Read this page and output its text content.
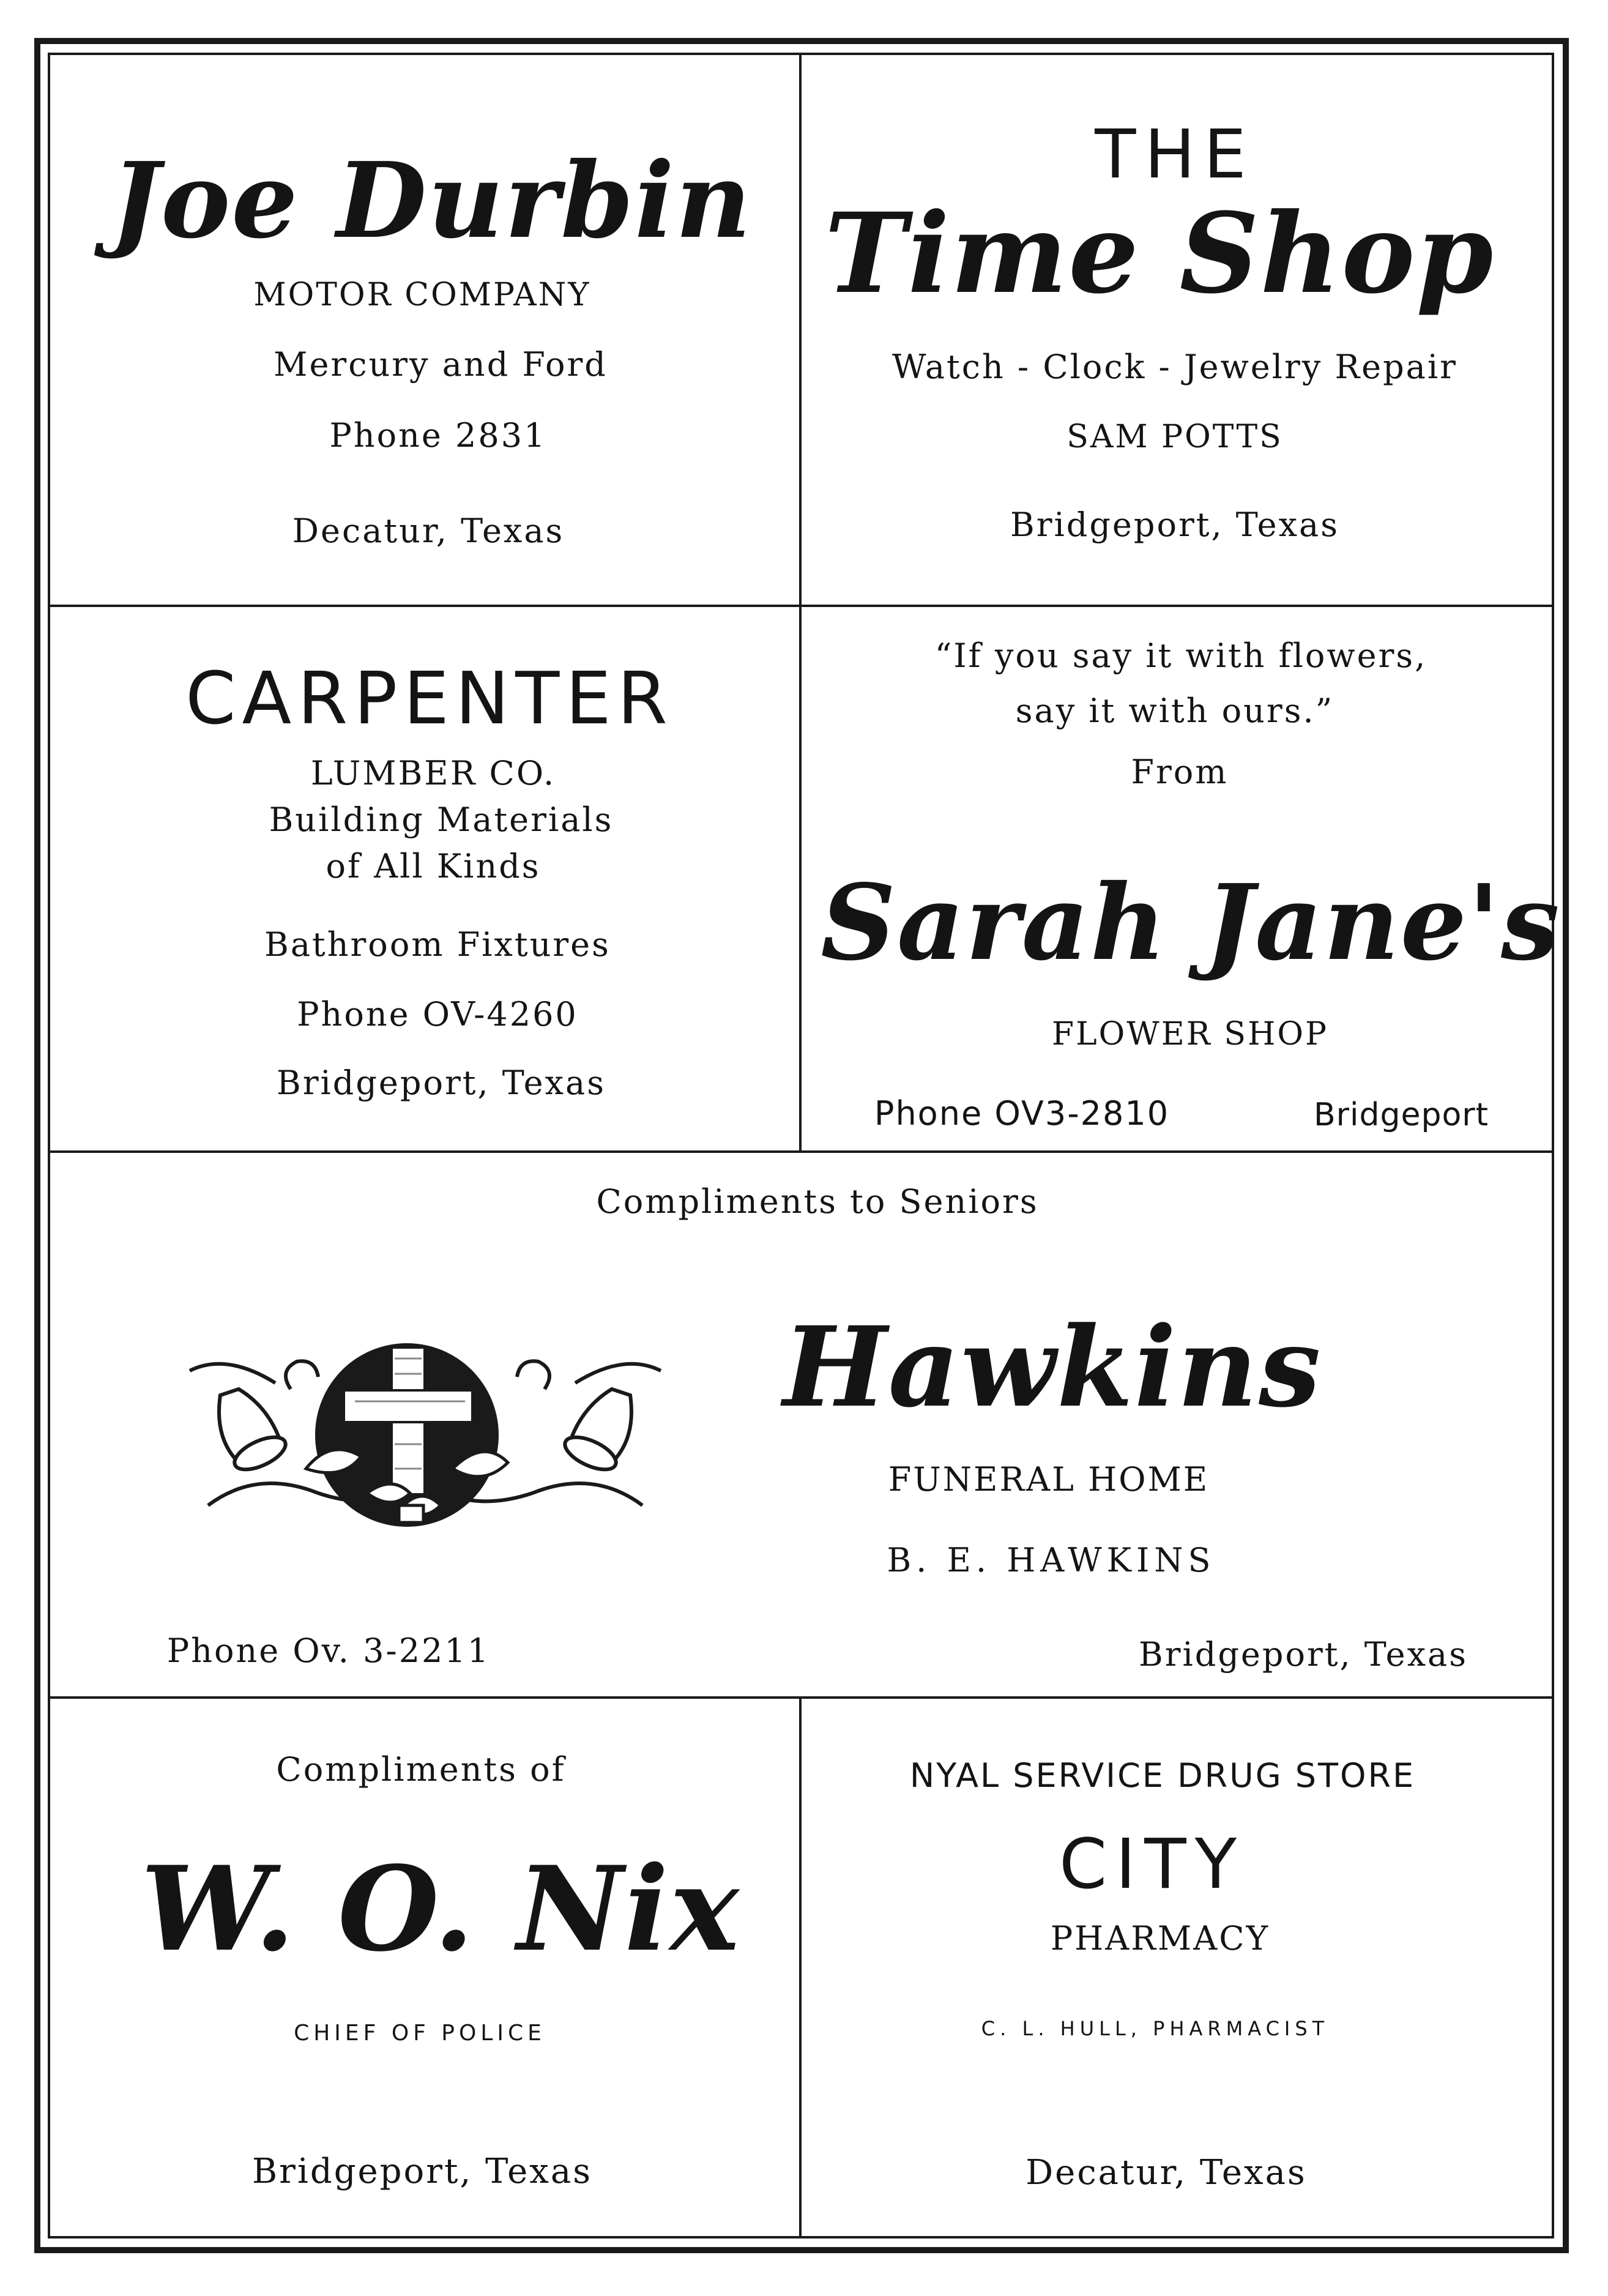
Joe Durbin
MOTOR COMPANY
Mercury and Ford
Phone 2831
Decatur, Texas
THE
Time Shop
Watch - Clock - Jewelry Repair
SAM POTTS
Bridgeport, Texas
CARPENTER
LUMBER CO.
Building Materials
of All Kinds
Bathroom Fixtures
Phone OV-4260
Bridgeport, Texas
“If you say it with flowers,
say it with ours.”
From
Sarah Jane's
FLOWER SHOP
Phone OV3-2810	Bridgeport
Compliments to Seniors
Hawkins
FUNERAL HOME
B. E. HAWKINS
Phone Ov. 3-2211	Bridgeport, Texas
Compliments of
W. O. Nix
CHIEF OF POLICE
Bridgeport, Texas
NYAL SERVICE DRUG STORE
CITY
PHARMACY
C. L. HULL, PHARMACIST
Decatur, Texas
